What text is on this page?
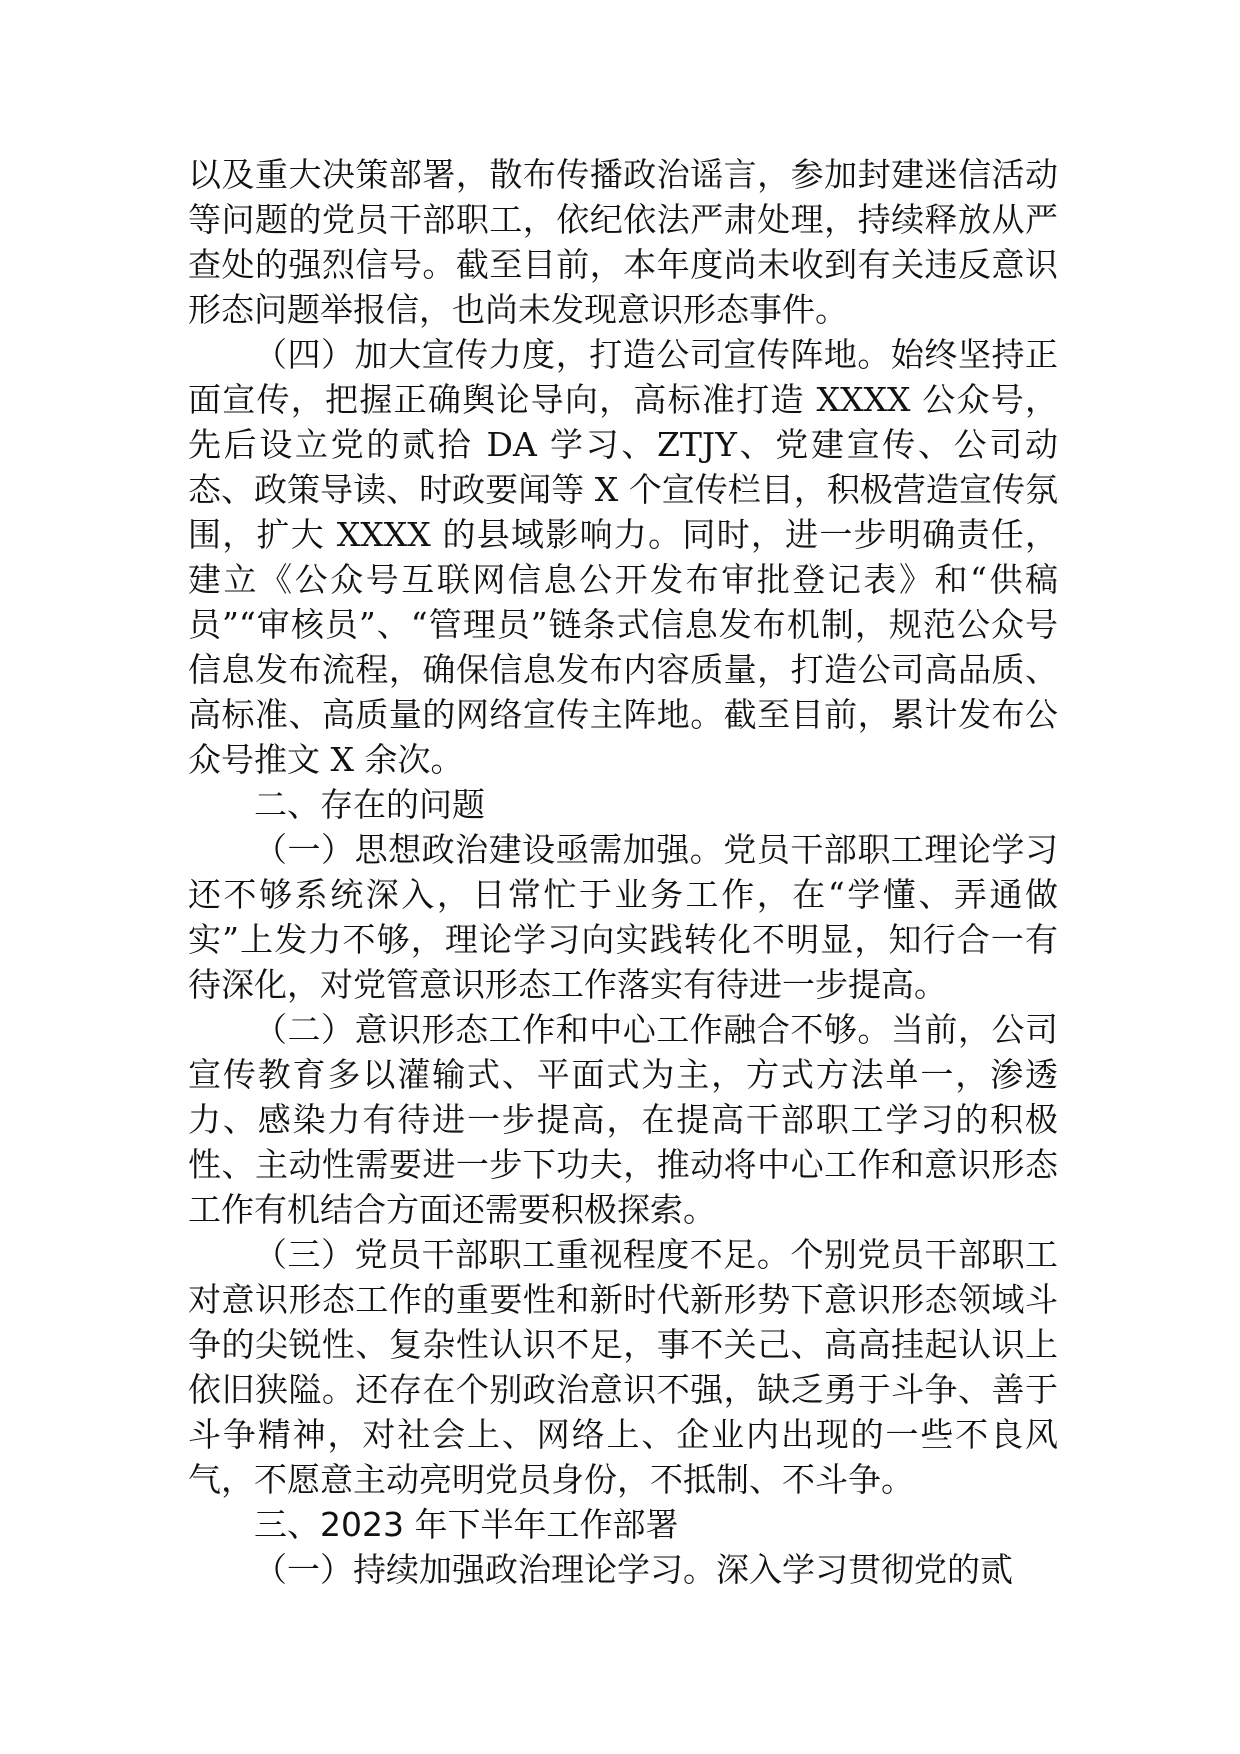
以及重大决策部署，散布传播政治谣言，参加封建迷信活动等问题的党员干部职工，依纪依法严肃处理，持续释放从严查处的强烈信号。截至目前，本年度尚未收到有关违反意识形态问题举报信，也尚未发现意识形态事件。

（四）加大宣传力度，打造公司宣传阵地。始终坚持正面宣传，把握正确舆论导向，高标准打造 XXXX 公众号，先后设立党的贰拾 DA 学习、ZTJY、党建宣传、公司动态、政策导读、时政要闻等 X 个宣传栏目，积极营造宣传氛围，扩大 XXXX 的县域影响力。同时，进一步明确责任，建立《公众号互联网信息公开发布审批登记表》和“供稿员”“审核员”、“管理员”链条式信息发布机制，规范公众号信息发布流程，确保信息发布内容质量，打造公司高品质、高标准、高质量的网络宣传主阵地。截至目前，累计发布公众号推文 X 余次。

二、存在的问题

（一）思想政治建设亟需加强。党员干部职工理论学习还不够系统深入，日常忙于业务工作，在“学懂、弄通做实”上发力不够，理论学习向实践转化不明显，知行合一有待深化，对党管意识形态工作落实有待进一步提高。

（二）意识形态工作和中心工作融合不够。当前，公司宣传教育多以灌输式、平面式为主，方式方法单一，渗透力、感染力有待进一步提高，在提高干部职工学习的积极性、主动性需要进一步下功夫，推动将中心工作和意识形态工作有机结合方面还需要积极探索。

（三）党员干部职工重视程度不足。个别党员干部职工对意识形态工作的重要性和新时代新形势下意识形态领域斗争的尖锐性、复杂性认识不足，事不关己、高高挂起认识上依旧狭隘。还存在个别政治意识不强，缺乏勇于斗争、善于斗争精神，对社会上、网络上、企业内出现的一些不良风气，不愿意主动亮明党员身份，不抵制、不斗争。

三、2023 年下半年工作部署

（一）持续加强政治理论学习。深入学习贯彻党的贰
